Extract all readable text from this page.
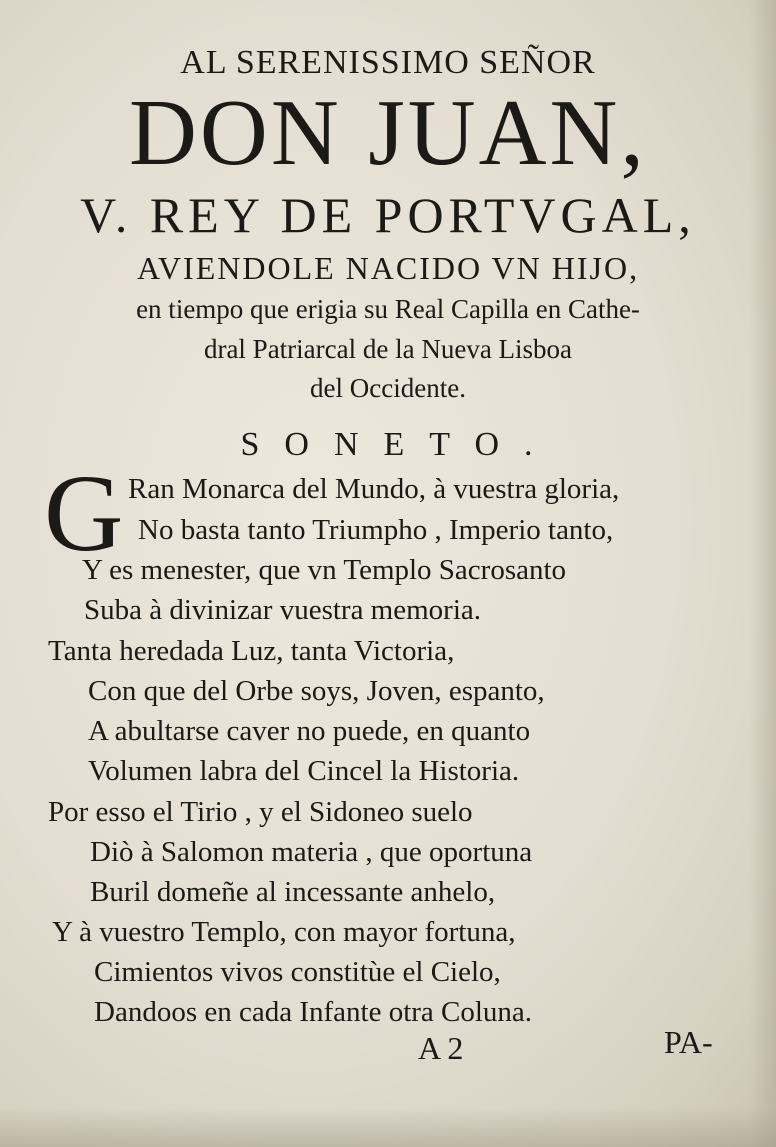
AL SERENISSIMO SEÑOR
DON JUAN,
V. REY DE PORTVGAL,
AVIENDOLE NACIDO VN HIJO,
en tiempo que erigia su Real Capilla en Cathe-
dral Patriarcal de la Nueva Lisboa
del Occidente.
SONETO.
G Ran Monarca del Mundo, à vuestra gloria,
No basta tanto Triumpho , Imperio tanto,
Y es menester, que vn Templo Sacrosanto
Suba à divinizar vuestra memoria.
Tanta heredada Luz, tanta Victoria,
Con que del Orbe soys, Joven, espanto,
A abultarse caver no puede, en quanto
Volumen labra del Cincel la Historia.
Por esso el Tirio , y el Sidoneo suelo
Diò à Salomon materia , que oportuna
Buril domeñe al incessante anhelo,
Y à vuestro Templo, con mayor fortuna,
Cimientos vivos constitùe el Cielo,
Dandoos en cada Infante otra Coluna.
A 2	PA-
